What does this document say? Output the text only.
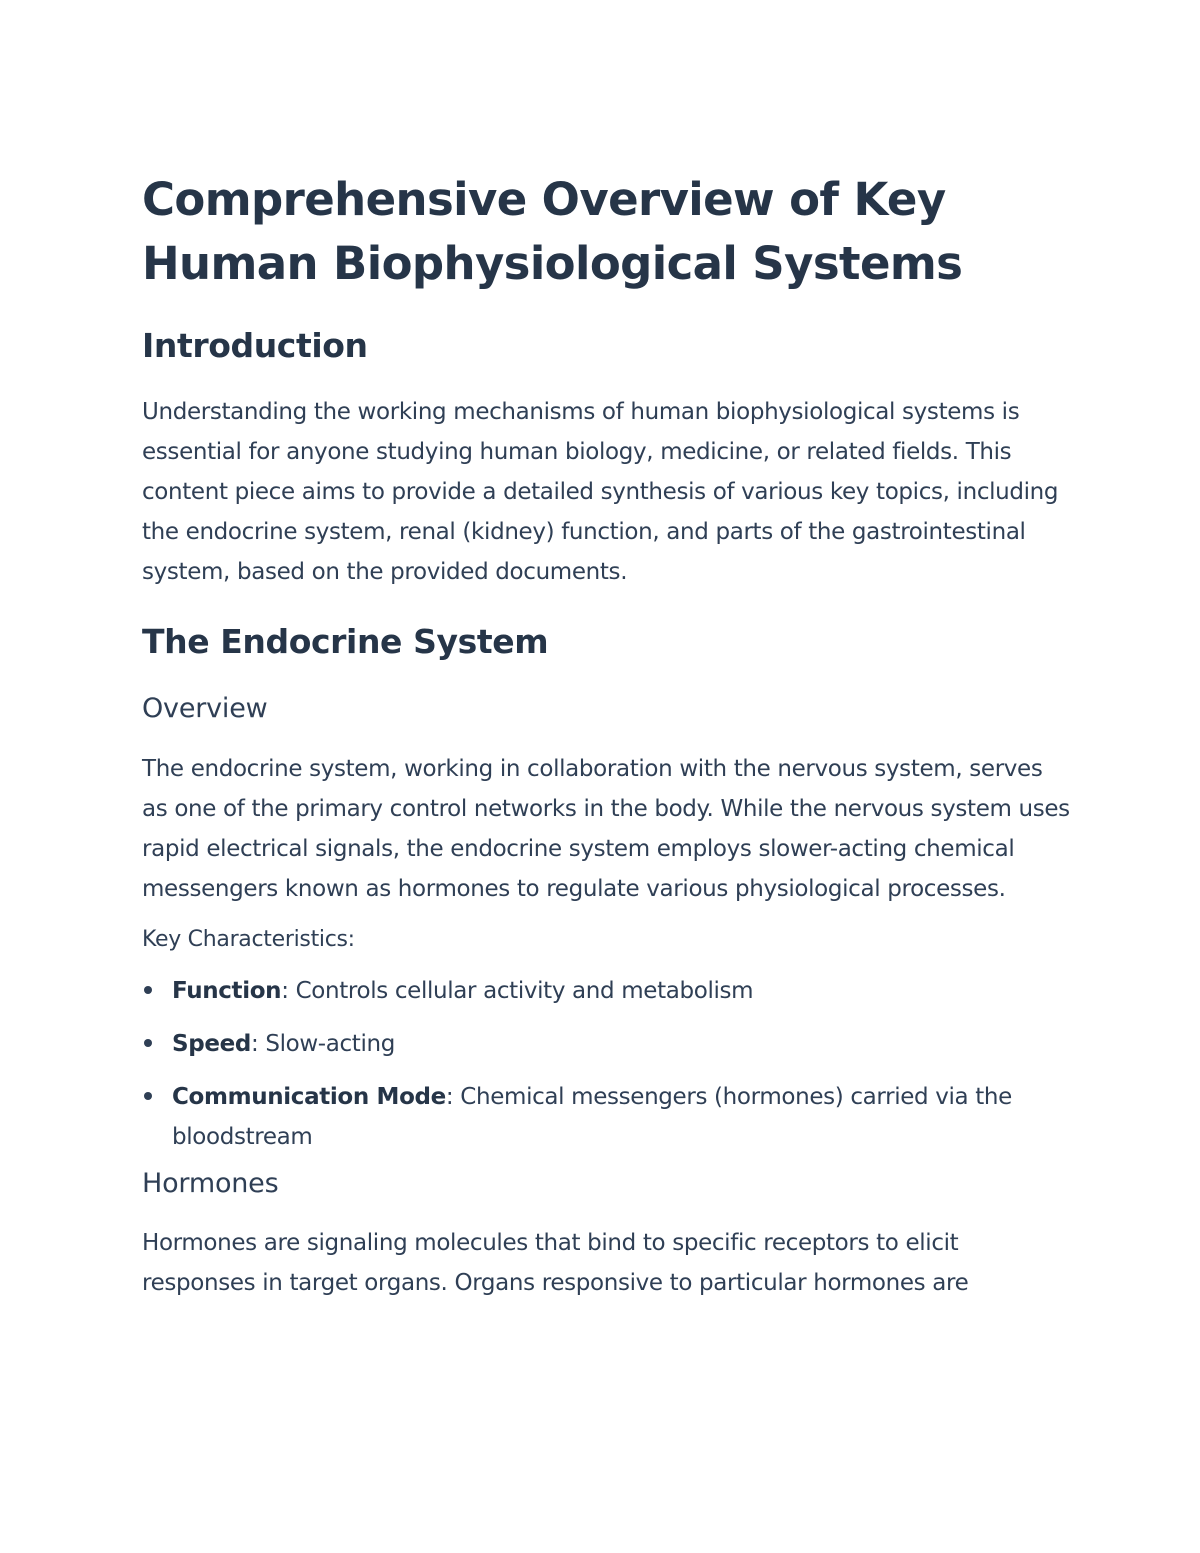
Comprehensive Overview of Key Human Biophysiological Systems
Introduction

Understanding the working mechanisms of human biophysiological systems is essential for anyone studying human biology, medicine, or related fields. This content piece aims to provide a detailed synthesis of various key topics, including the endocrine system, renal (kidney) function, and parts of the gastrointestinal system, based on the provided documents.

The Endocrine System
Overview

The endocrine system, working in collaboration with the nervous system, serves as one of the primary control networks in the body. While the nervous system uses rapid electrical signals, the endocrine system employs slower-acting chemical messengers known as hormones to regulate various physiological processes.

Key Characteristics:

Function: Controls cellular activity and metabolism
Speed: Slow-acting
Communication Mode: Chemical messengers (hormones) carried via the bloodstream
Hormones

Hormones are signaling molecules that bind to specific receptors to elicit responses in target organs. Organs responsive to particular hormones are
